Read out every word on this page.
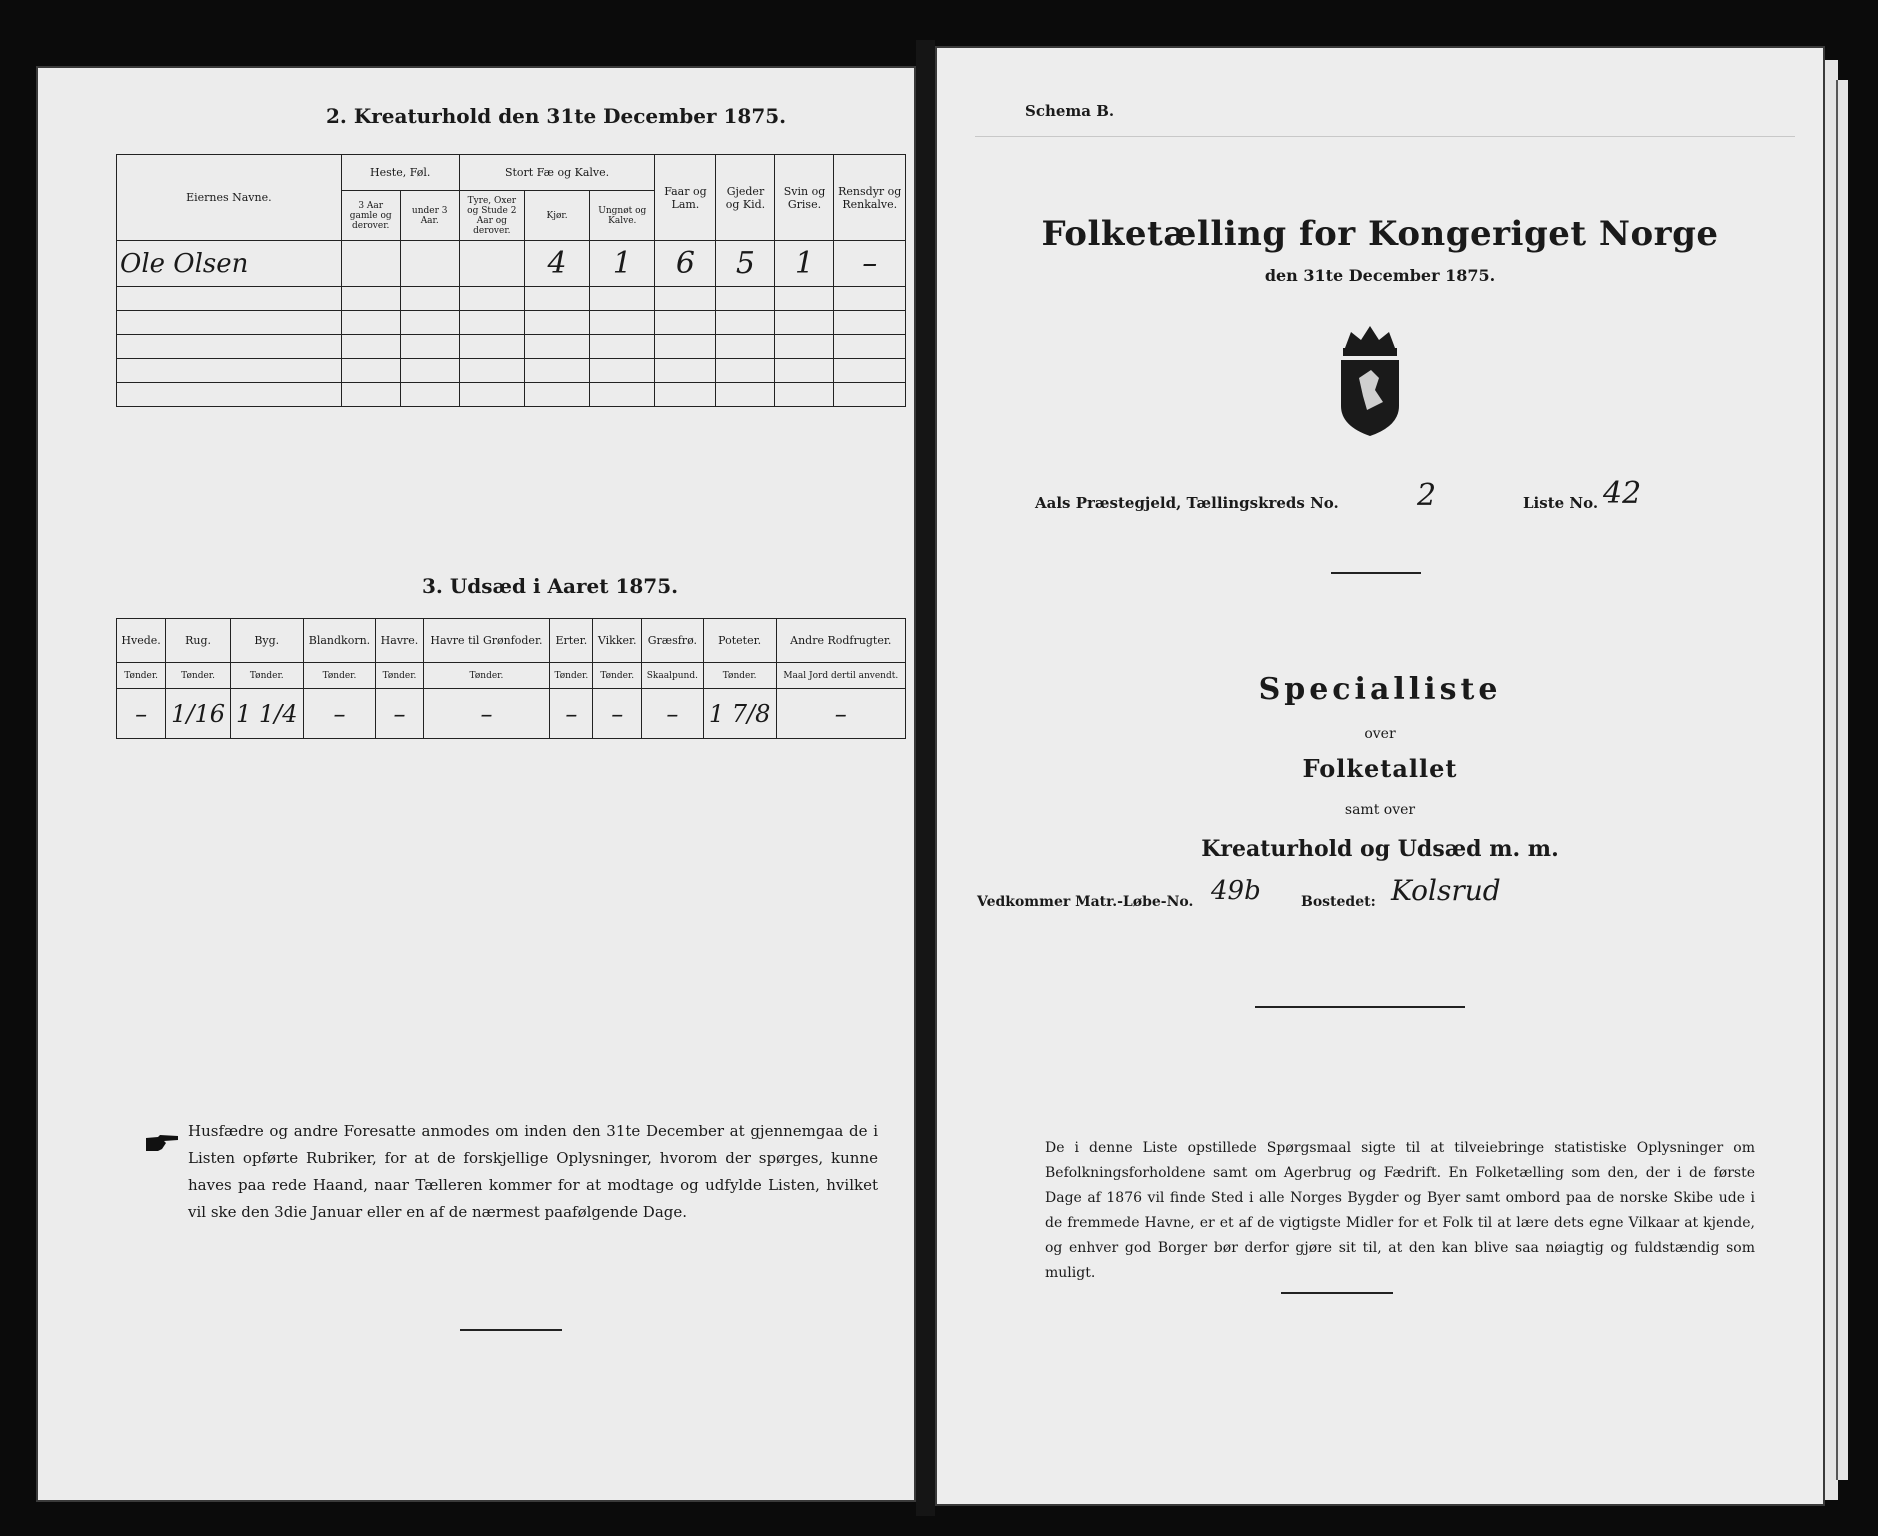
2. Kreaturhold den 31te December 1875.
Eiernes Navne.	Heste, Føl.		Stort Fæ og Kalve.			Faar og Lam.	Gjeder og Kid.	Svin og Grise.	Rensdyr og Renkalve.
	3 Aar gamle og derover.	under 3 Aar.	Tyre, Oxer og Stude 2 Aar og derover.	Kjør.	Ungnøt og Kalve.				
Ole Olsen				4	1	6	5	1	–

3. Udsæd i Aaret 1875.
Hvede.	Rug.	Byg.	Blandkorn.	Havre.	Havre til Grønfoder.	Erter.	Vikker.	Græsfrø.	Poteter.	Andre Rodfrugter.
Tønder.	Tønder.	Tønder.	Tønder.	Tønder.	Tønder.	Tønder.	Tønder.	Skaalpund.	Tønder.	Maal Jord dertil anvendt.
–	1/16	1 1/4	–	–	–	–	–	–	1 7/8	–
Husfædre og andre Foresatte anmodes om inden den 31te December at gjennemgaa de i Listen opførte Rubriker, for at de forskjellige Oplysninger, hvorom der spørges, kunne haves paa rede Haand, naar Tælleren kommer for at modtage og udfylde Listen, hvilket vil ske den 3die Januar eller en af de nærmest paafølgende Dage.
Schema B.
Folketælling for Kongeriget Norge
den 31te December 1875.
Aals Præstegjeld, Tællingskreds No.	2	Liste No. 42
Specialliste
over
Folketallet
samt over
Kreaturhold og Udsæd m. m.
Vedkommer Matr.-Løbe-No. 49b	Bostedet: Kolsrud
De i denne Liste opstillede Spørgsmaal sigte til at tilveiebringe statistiske Oplysninger om Befolkningsforholdene samt om Agerbrug og Fædrift. En Folketælling som den, der i de første Dage af 1876 vil finde Sted i alle Norges Bygder og Byer samt ombord paa de norske Skibe ude i de fremmede Havne, er et af de vigtigste Midler for et Folk til at lære dets egne Vilkaar at kjende, og enhver god Borger bør derfor gjøre sit til, at den kan blive saa nøiagtig og fuldstændig som muligt.
